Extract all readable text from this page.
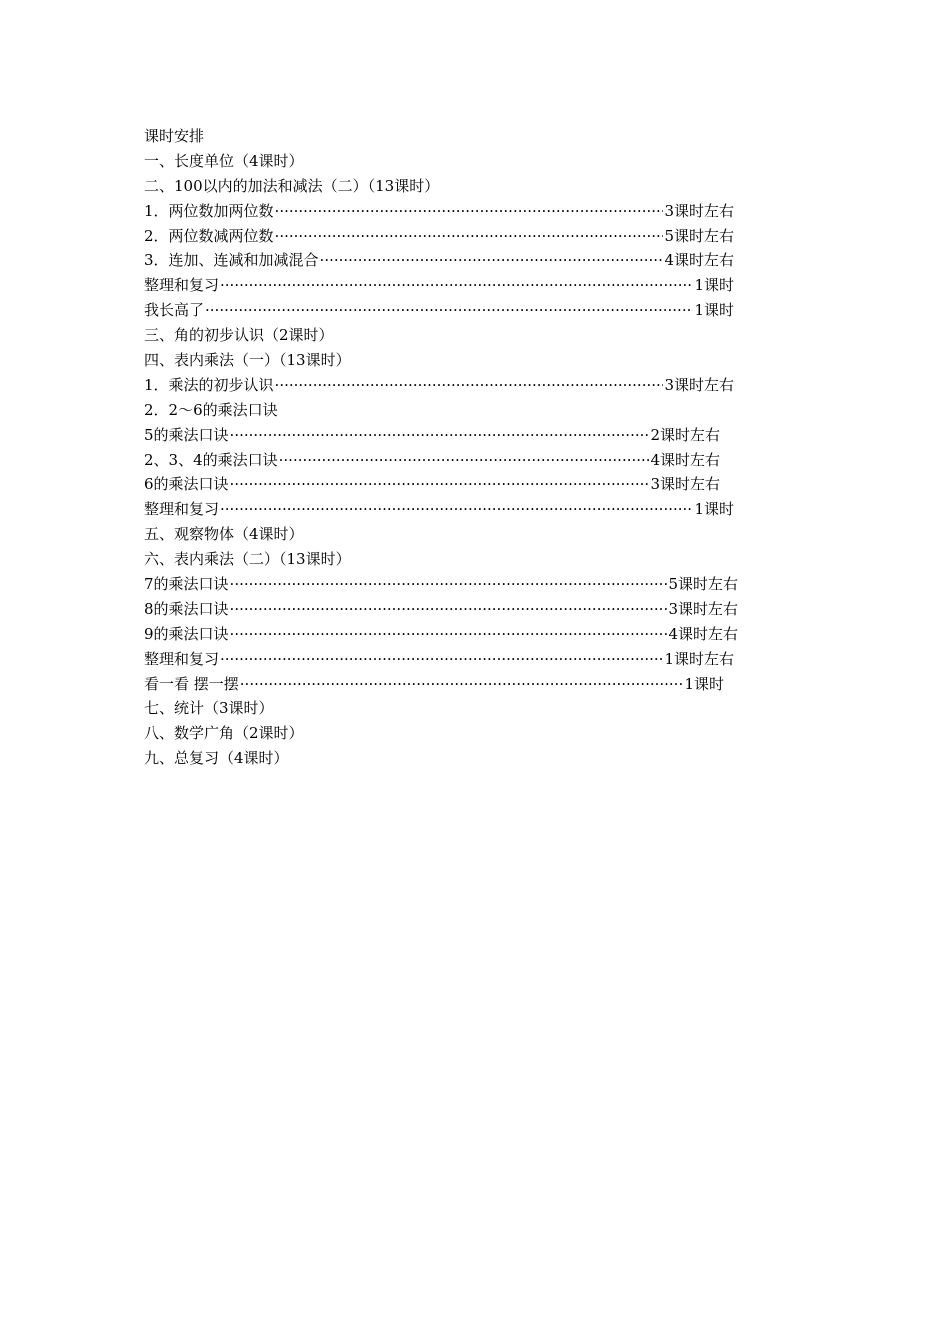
课时安排
一、长度单位（4课时）
二、100以内的加法和减法（二）（13课时）
1．两位数加两位数 ·····	3课时左右
2．两位数减两位数 ·····	5课时左右
3．连加、连减和加减混合 ·····	4课时左右
整理和复习 ·····	1课时
我长高了 ·····	1课时
三、角的初步认识（2课时）
四、表内乘法（一）（13课时）
1．乘法的初步认识 ·····	3课时左右
2．2～6的乘法口诀
5的乘法口诀 ·····	2课时左右
2、3、4的乘法口诀 ·····	4课时左右
6的乘法口诀 ·····	3课时左右
整理和复习 ·····	1课时
五、观察物体（4课时）
六、表内乘法（二）（13课时）
7的乘法口诀 ·····	5课时左右
8的乘法口诀 ·····	3课时左右
9的乘法口诀 ·····	4课时左右
整理和复习 ·····	1课时左右
看一看 摆一摆 ·····	1课时
七、统计（3课时）
八、数学广角（2课时）
九、总复习（4课时）
